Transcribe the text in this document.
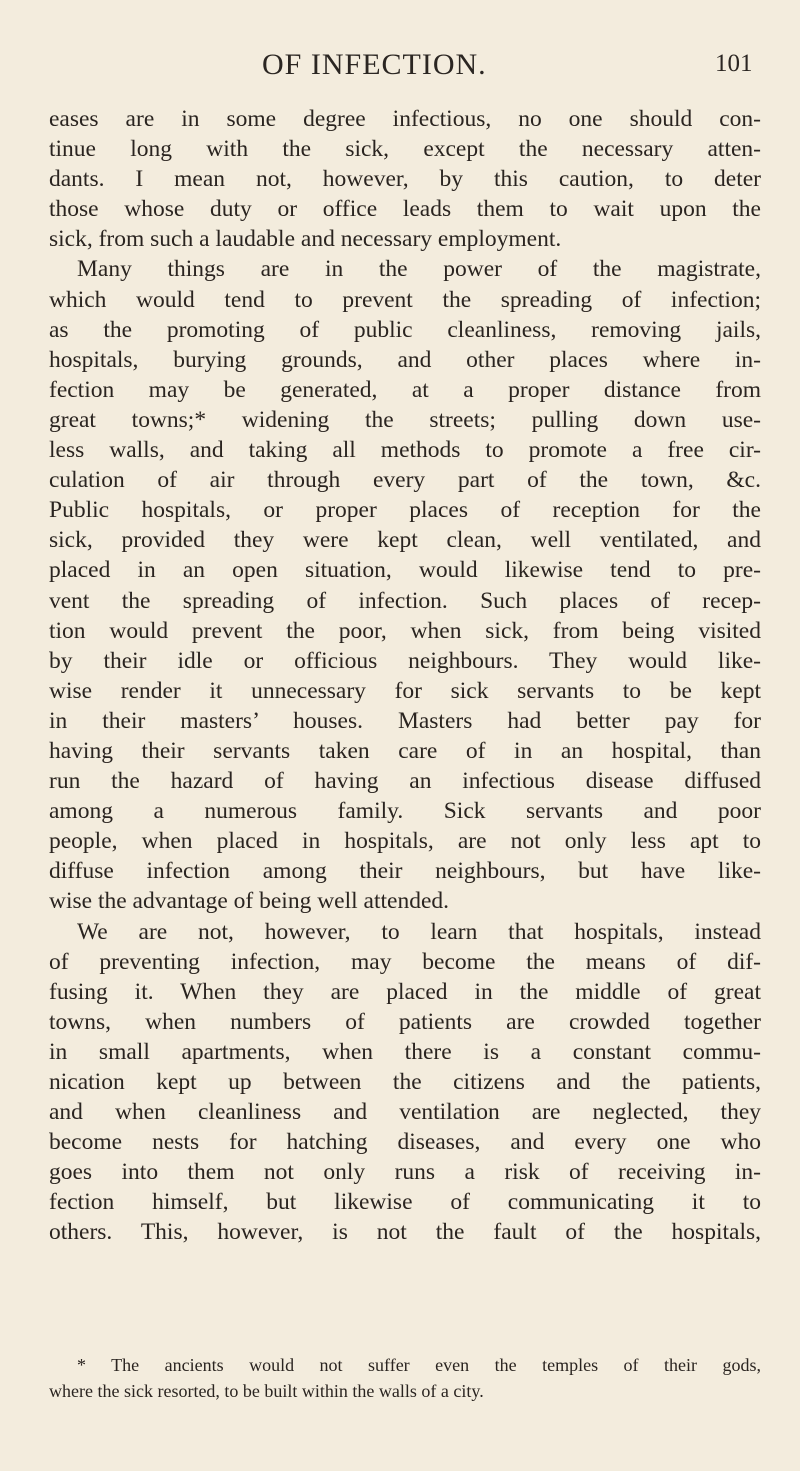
OF INFECTION.	101
eases are in some degree infectious, no one should con-
tinue long with the sick, except the necessary atten-
dants. I mean not, however, by this caution, to deter
those whose duty or office leads them to wait upon the
sick, from such a laudable and necessary employment.
Many things are in the power of the magistrate,
which would tend to prevent the spreading of infection;
as the promoting of public cleanliness, removing jails,
hospitals, burying grounds, and other places where in-
fection may be generated, at a proper distance from
great towns;* widening the streets; pulling down use-
less walls, and taking all methods to promote a free cir-
culation of air through every part of the town, &c.
Public hospitals, or proper places of reception for the
sick, provided they were kept clean, well ventilated, and
placed in an open situation, would likewise tend to pre-
vent the spreading of infection. Such places of recep-
tion would prevent the poor, when sick, from being visited
by their idle or officious neighbours. They would like-
wise render it unnecessary for sick servants to be kept
in their masters’ houses. Masters had better pay for
having their servants taken care of in an hospital, than
run the hazard of having an infectious disease diffused
among a numerous family. Sick servants and poor
people, when placed in hospitals, are not only less apt to
diffuse infection among their neighbours, but have like-
wise the advantage of being well attended.
We are not, however, to learn that hospitals, instead
of preventing infection, may become the means of dif-
fusing it. When they are placed in the middle of great
towns, when numbers of patients are crowded together
in small apartments, when there is a constant commu-
nication kept up between the citizens and the patients,
and when cleanliness and ventilation are neglected, they
become nests for hatching diseases, and every one who
goes into them not only runs a risk of receiving in-
fection himself, but likewise of communicating it to
others. This, however, is not the fault of the hospitals,
* The ancients would not suffer even the temples of their gods,
where the sick resorted, to be built within the walls of a city.
